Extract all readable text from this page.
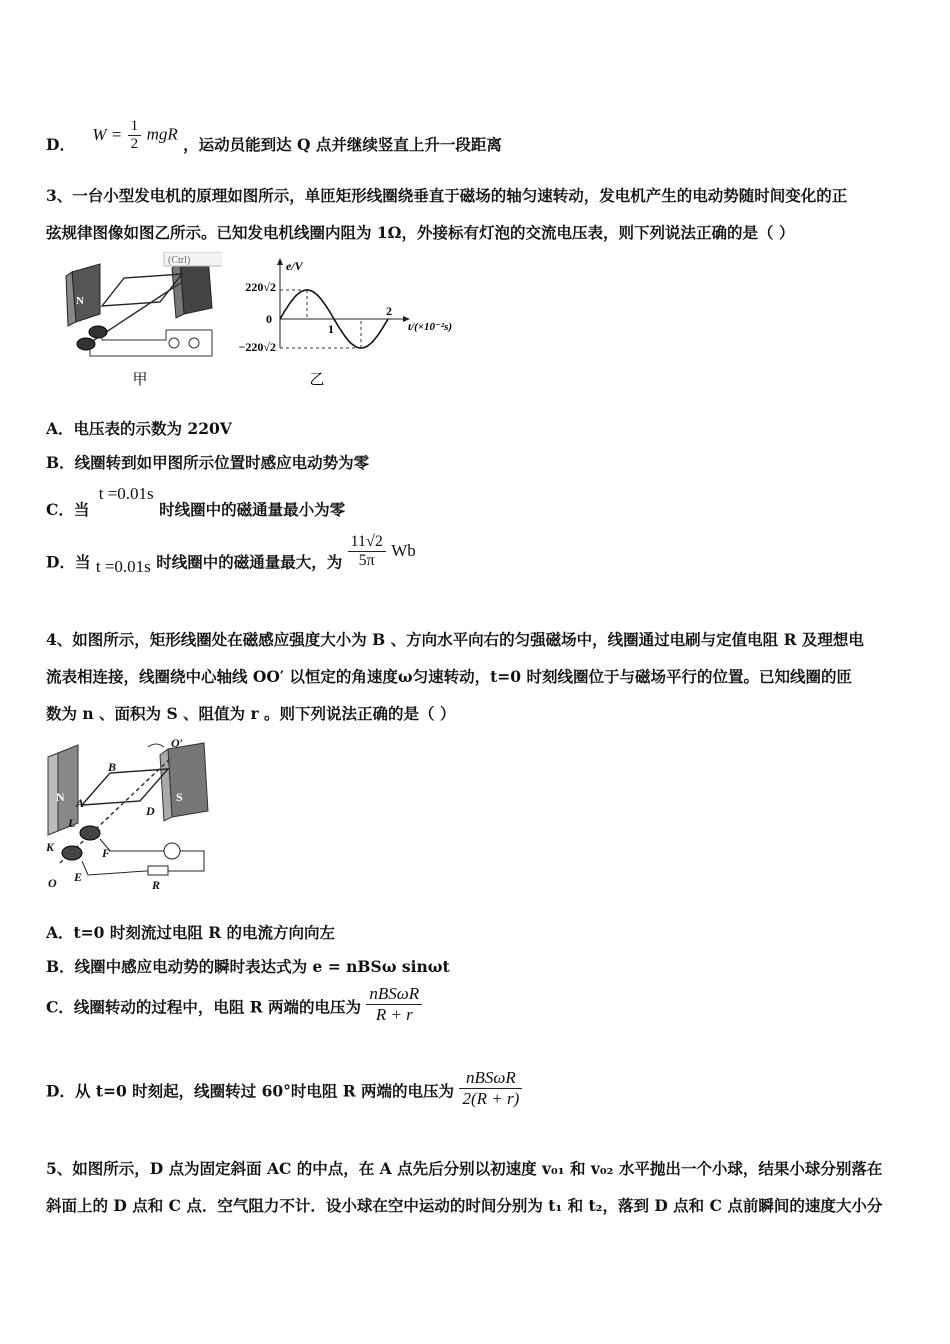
D． $W = \frac{1}{2}$ mgR ，运动员能到达 Q 点并继续竖直上升一段距离
3、一台小型发电机的原理如图所示，单匝矩形线圈绕垂直于磁场的轴匀速转动，发电机产生的电动势随时间变化的正
弦规律图像如图乙所示。已知发电机线圈内阻为 1Ω，外接标有灯泡的交流电压表，则下列说法正确的是（ ）
N
(Ctrl)
甲
e/V
220√2
−220√2
0
1
2
t/(×10⁻²s)
乙
A．电压表的示数为 220V
B．线圈转到如甲图所示位置时感应电动势为零
C．当 t =0.01s 时线圈中的磁通量最小为零
D．当 t =0.01s 时线圈中的磁通量最大，为 $\frac{11√2}{5\pi}$ Wb
4、如图所示，矩形线圈处在磁感应强度大小为 B 、方向水平向右的匀强磁场中，线圈通过电刷与定值电阻 R 及理想电
流表相连接，线圈绕中心轴线 OO′ 以恒定的角速度ω匀速转动，t=0 时刻线圈位于与磁场平行的位置。已知线圈的匝
数为 n 、面积为 S 、阻值为 r 。则下列说法正确的是（ ）
N	S
O′
B
A
D
L
K	F
E
O	R
A．t=0 时刻流过电阻 R 的电流方向向左
B．线圈中感应电动势的瞬时表达式为 e = nBSω sinωt
C．线圈转动的过程中，电阻 R 两端的电压为 $\frac{\text{nBSωR}}{R + r}$
D．从 t=0 时刻起，线圈转过 60°时电阻 R 两端的电压为 $\frac{\text{nBSωR}}{2(R + r)}$
5、如图所示，D 点为固定斜面 AC 的中点，在 A 点先后分别以初速度 v₀₁ 和 v₀₂ 水平抛出一个小球，结果小球分别落在
斜面上的 D 点和 C 点．空气阻力不计．设小球在空中运动的时间分别为 t₁ 和 t₂，落到 D 点和 C 点前瞬间的速度大小分
